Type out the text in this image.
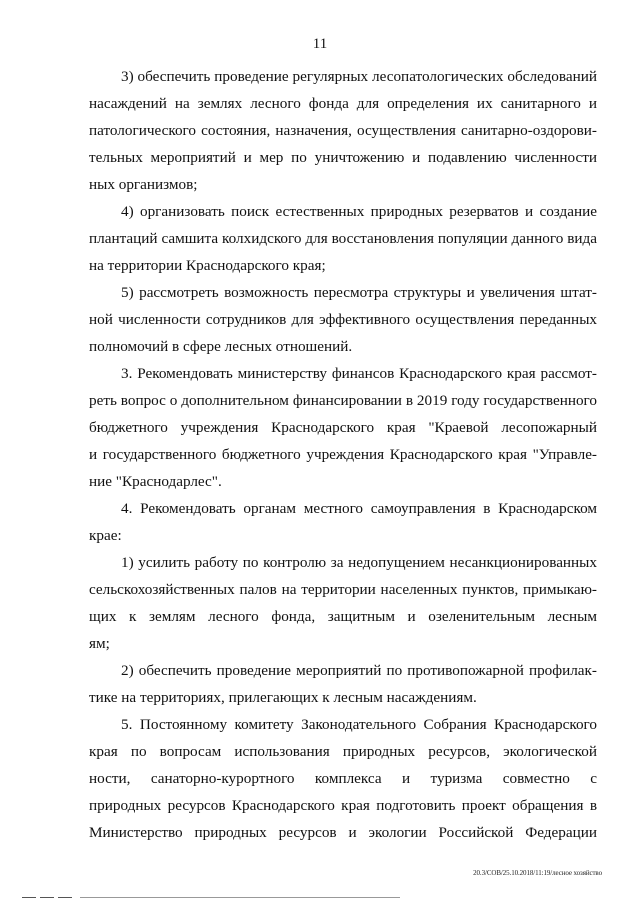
11
3) обеспечить проведение регулярных лесопатологических обследований
насаждений на землях лесного фонда для определения их санитарного и
патологического состояния, назначения, осуществления санитарно-оздорови-
тельных мероприятий и мер по уничтожению и подавлению численности
ных организмов;
4) организовать поиск естественных природных резерватов и создание
плантаций самшита колхидского для восстановления популяции данного вида
на территории Краснодарского края;
5) рассмотреть возможность пересмотра структуры и увеличения штат-
ной численности сотрудников для эффективного осуществления переданных
полномочий в сфере лесных отношений.
3. Рекомендовать министерству финансов Краснодарского края рассмот-
реть вопрос о дополнительном финансировании в 2019 году государственного
бюджетного учреждения Краснодарского края "Краевой лесопожарный
и государственного бюджетного учреждения Краснодарского края "Управле-
ние "Краснодарлес".
4. Рекомендовать органам местного самоуправления в Краснодарском
крае:
1) усилить работу по контролю за недопущением несанкционированных
сельскохозяйственных палов на территории населенных пунктов, примыкаю-
щих к землям лесного фонда, защитным и озеленительным лесным
ям;
2) обеспечить проведение мероприятий по противопожарной профилак-
тике на территориях, прилегающих к лесным насаждениям.
5. Постоянному комитету Законодательного Собрания Краснодарского
края по вопросам использования природных ресурсов, экологической
ности, санаторно-курортного комплекса и туризма совместно с
природных ресурсов Краснодарского края подготовить проект обращения в
Министерство природных ресурсов и экологии Российской Федерации
20.3/СОВ/25.10.2018/11:19/лесное хозяйство
